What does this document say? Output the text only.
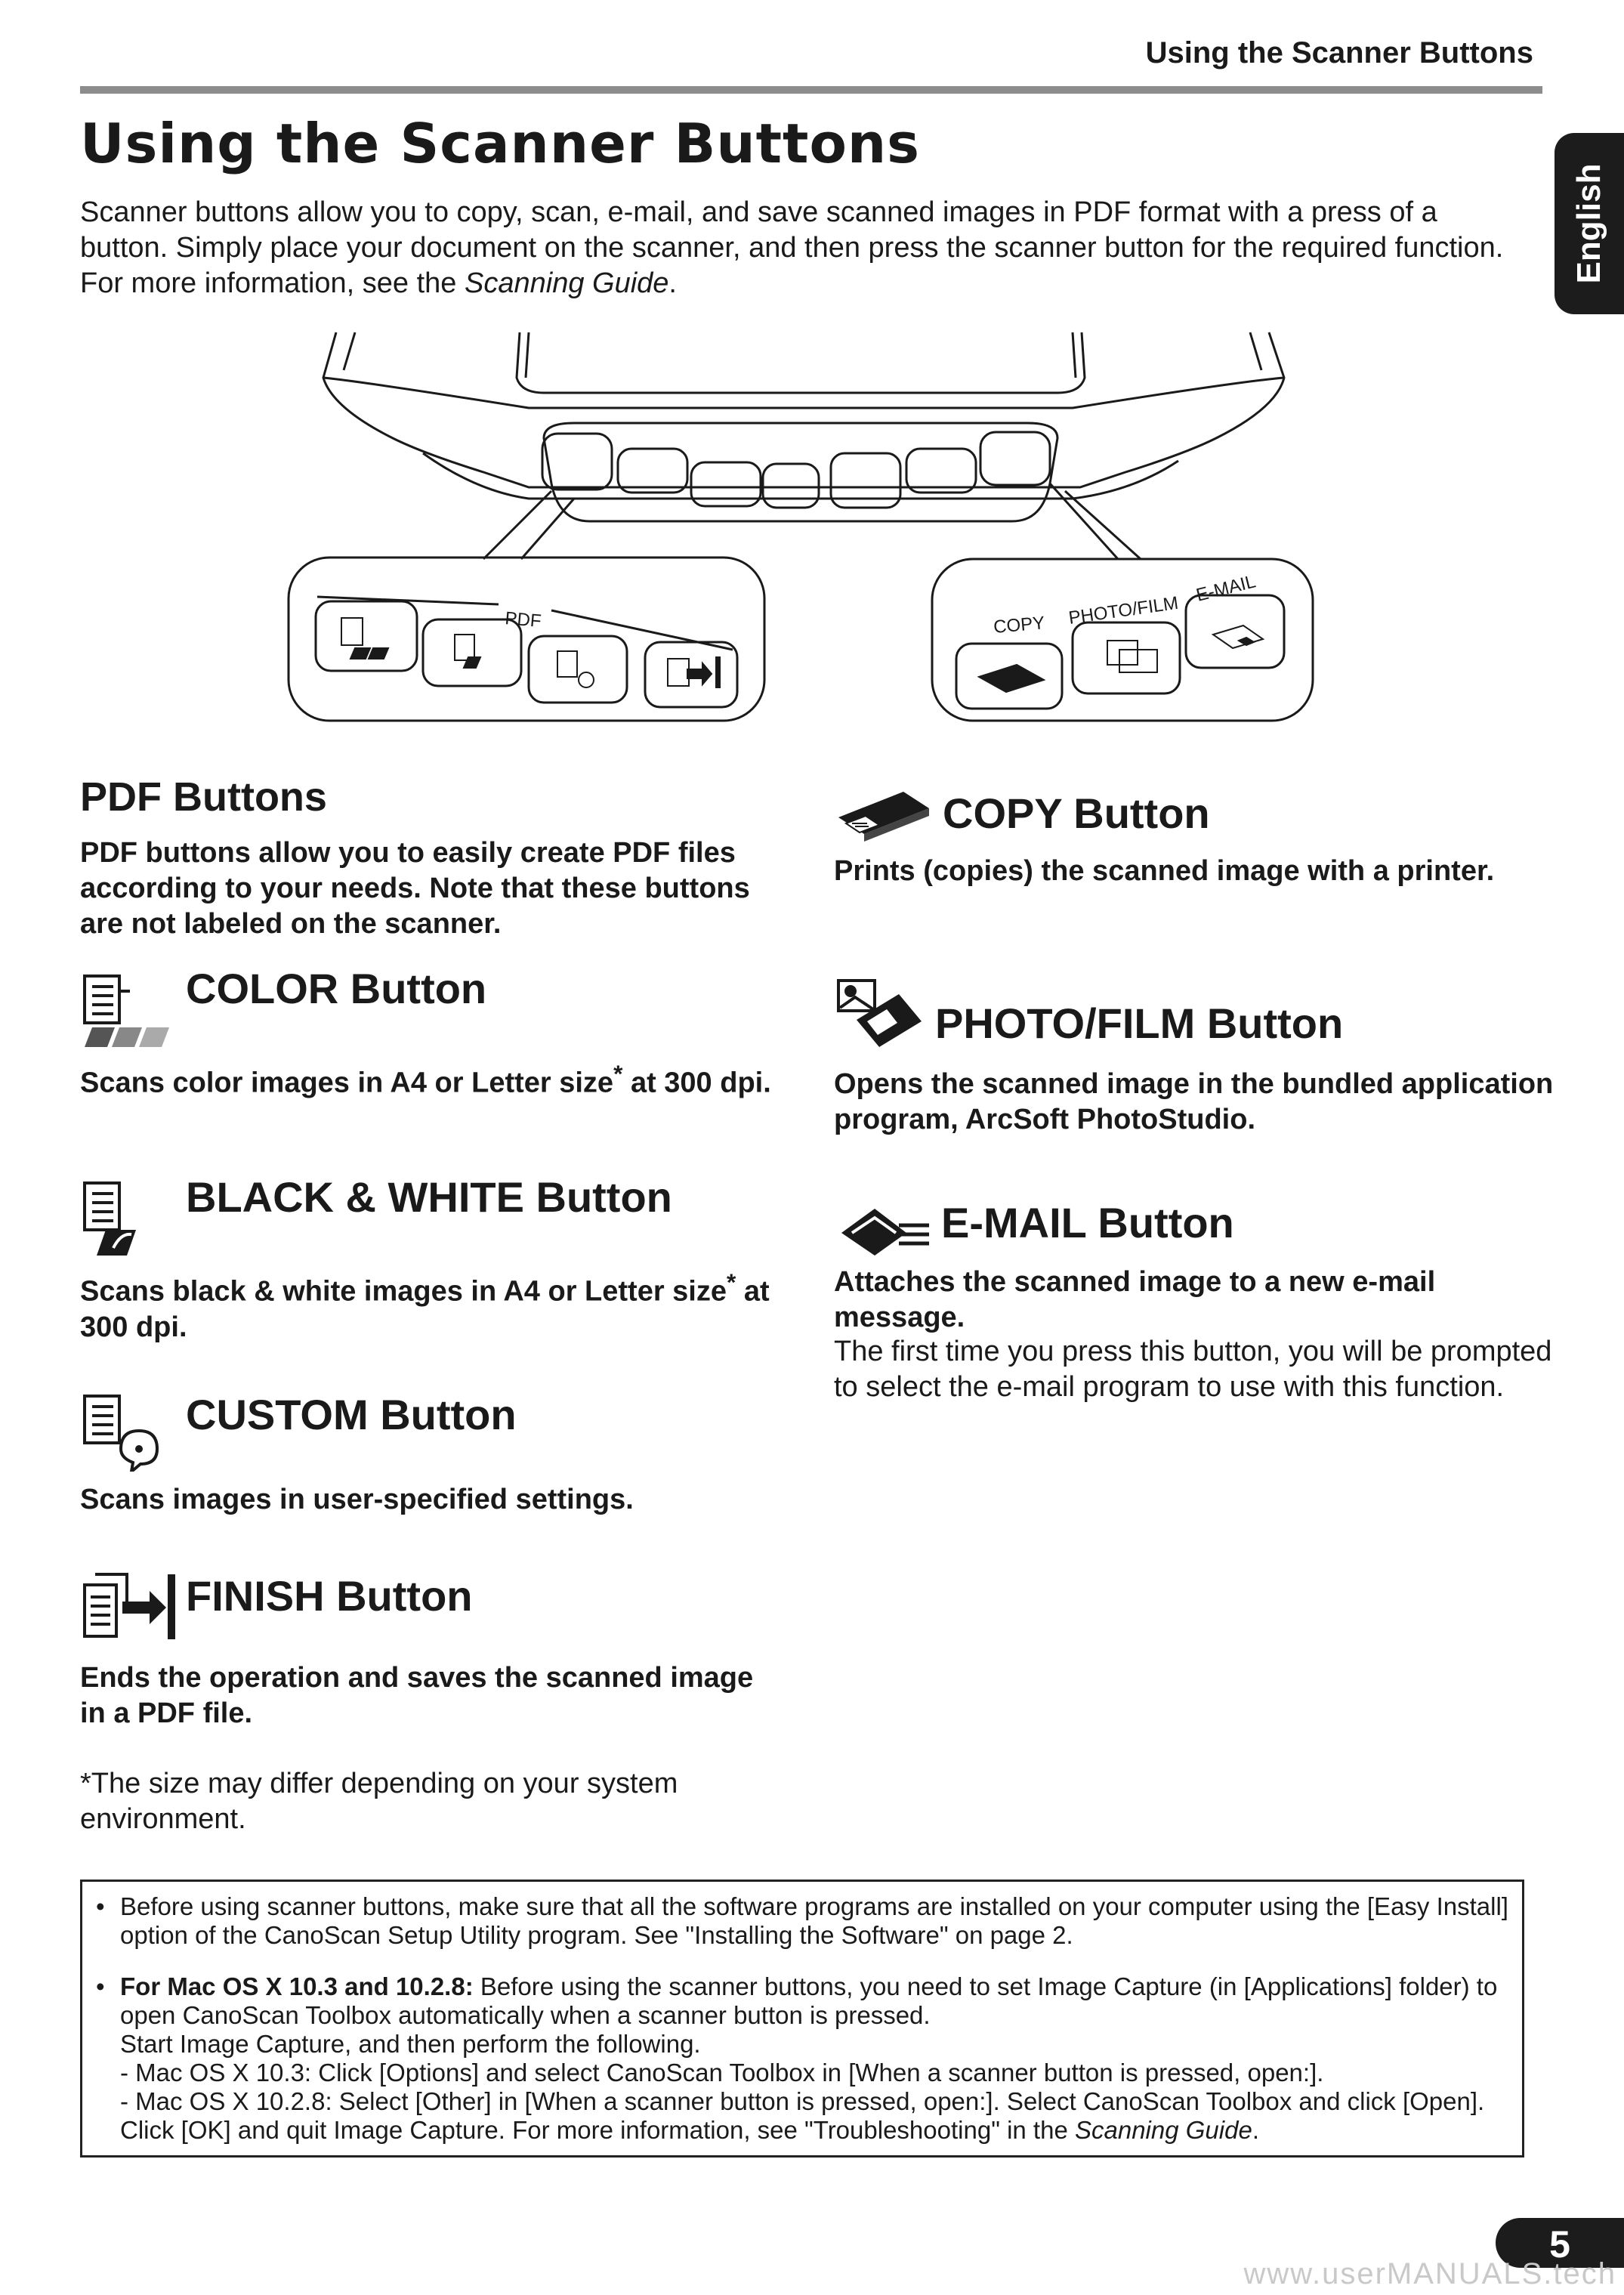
Using the Scanner Buttons
English
Using the Scanner Buttons
Scanner buttons allow you to copy, scan, e-mail, and save scanned images in PDF format with a press of a button. Simply place your document on the scanner, and then press the scanner button for the required function. For more information, see the Scanning Guide.
PDF	COPY PHOTO/FILM
E-MAIL
PDF Buttons
PDF buttons allow you to easily create PDF files according to your needs. Note that these buttons are not labeled on the scanner.
COLOR Button
Scans color images in A4 or Letter size* at 300 dpi.
BLACK & WHITE Button
Scans black & white images in A4 or Letter size* at 300 dpi.
CUSTOM Button
Scans images in user-specified settings.
FINISH Button
Ends the operation and saves the scanned image in a PDF file.
*The size may differ depending on your system environment.
COPY Button
Prints (copies) the scanned image with a printer.
PHOTO/FILM Button
Opens the scanned image in the bundled application program, ArcSoft PhotoStudio.
E-MAIL Button
Attaches the scanned image to a new e-mail message.
The first time you press this button, you will be prompted to select the e-mail program to use with this function.
• Before using scanner buttons, make sure that all the software programs are installed on your computer using the [Easy Install] option of the CanoScan Setup Utility program. See "Installing the Software" on page 2.
• For Mac OS X 10.3 and 10.2.8: Before using the scanner buttons, you need to set Image Capture (in [Applications] folder) to open CanoScan Toolbox automatically when a scanner button is pressed.
Start Image Capture, and then perform the following.
- Mac OS X 10.3: Click [Options] and select CanoScan Toolbox in [When a scanner button is pressed, open:].
- Mac OS X 10.2.8: Select [Other] in [When a scanner button is pressed, open:]. Select CanoScan Toolbox and click [Open].
Click [OK] and quit Image Capture. For more information, see "Troubleshooting" in the Scanning Guide.
5
www.userMANUALS.tech
